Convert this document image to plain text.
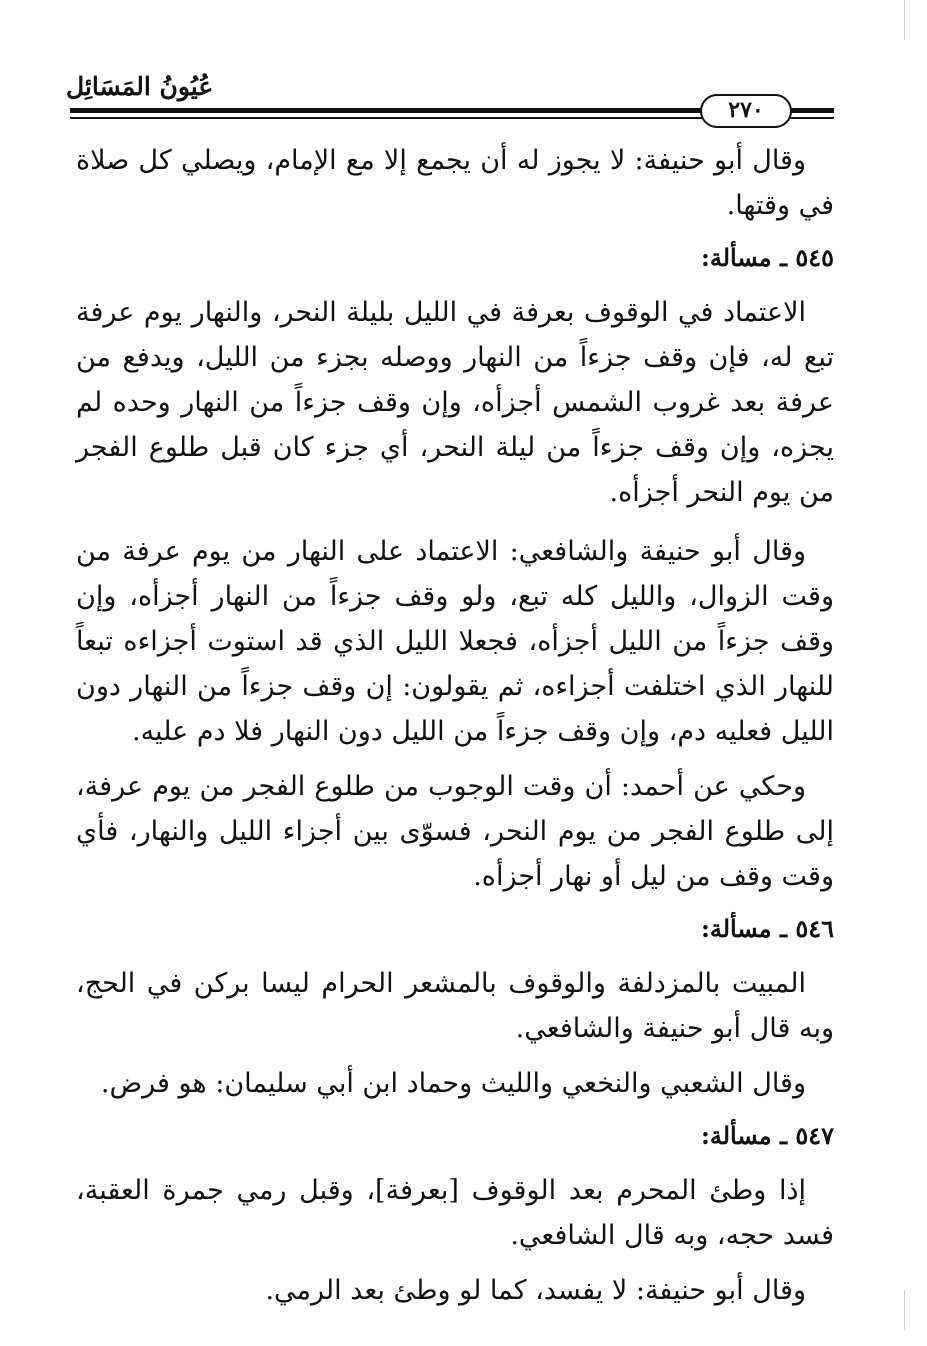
عُيُونُ المَسَائِل
٢٧٠

وقال أبو حنيفة: لا يجوز له أن يجمع إلا مع الإمام، ويصلي كل صلاة في وقتها.

٥٤٥ ـ مسألة:

الاعتماد في الوقوف بعرفة في الليل بليلة النحر، والنهار يوم عرفة تبع له، فإن وقف جزءاً من النهار ووصله بجزء من الليل، ويدفع من عرفة بعد غروب الشمس أجزأه، وإن وقف جزءاً من النهار وحده لم يجزه، وإن وقف جزءاً من ليلة النحر، أي جزء كان قبل طلوع الفجر من يوم النحر أجزأه.

وقال أبو حنيفة والشافعي: الاعتماد على النهار من يوم عرفة من وقت الزوال، والليل كله تبع، ولو وقف جزءاً من النهار أجزأه، وإن وقف جزءاً من الليل أجزأه، فجعلا الليل الذي قد استوت أجزاءه تبعاً للنهار الذي اختلفت أجزاءه، ثم يقولون: إن وقف جزءاً من النهار دون الليل فعليه دم، وإن وقف جزءاً من الليل دون النهار فلا دم عليه.

وحكي عن أحمد: أن وقت الوجوب من طلوع الفجر من يوم عرفة، إلى طلوع الفجر من يوم النحر، فسوّى بين أجزاء الليل والنهار، فأي وقت وقف من ليل أو نهار أجزأه.

٥٤٦ ـ مسألة:

المبيت بالمزدلفة والوقوف بالمشعر الحرام ليسا بركن في الحج، وبه قال أبو حنيفة والشافعي.

وقال الشعبي والنخعي والليث وحماد ابن أبي سليمان: هو فرض.

٥٤٧ ـ مسألة:

إذا وطئ المحرم بعد الوقوف [بعرفة]، وقبل رمي جمرة العقبة، فسد حجه، وبه قال الشافعي.

وقال أبو حنيفة: لا يفسد، كما لو وطئ بعد الرمي.
